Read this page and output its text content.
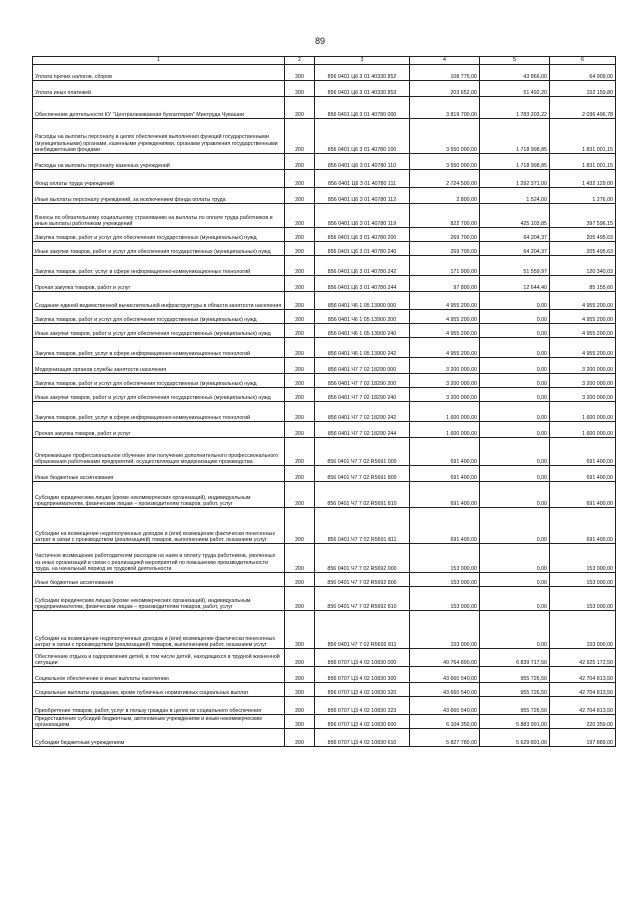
89
1	2	3	4	5	6
Уплата прочих налогов, сборов	200	856 0401 Ц6 3 01 40330 852	108 775,00	43 866,00	64 909,00
Уплата иных платежей	200	856 0401 Ц6 3 01 40330 853	203 652,00	51 492,20	152 159,80
Обеспечение деятельности КУ "Централизованная бухгалтерия" Минтруда Чувашии	200	856 0401 Ц6 3 01 40780 000	3 819 700,00	1 783 203,22	2 036 496,78
Расходы на выплаты персоналу в целях обеспечения выполнения функций государственными (муниципальными) органами, казенными учреждениями, органами управления государственными внебюджетными фондами	200	856 0401 Ц6 3 01 40780 100	3 550 000,00	1 718 998,85	1 831 001,15
Расходы на выплаты персоналу казенных учреждений	200	856 0401 Ц6 3 01 40780 110	3 550 000,00	1 718 998,85	1 831 001,15
Фонд оплаты труда учреждений	200	856 0401 Ц6 3 01 40780 111	2 724 500,00	1 292 371,00	1 432 129,00
Иные выплаты персоналу учреждений, за исключением фонда оплаты труда	200	856 0401 Ц6 3 01 40780 112	2 800,00	1 524,00	1 276,00
Взносы по обязательному социальному страхованию на выплаты по оплате труда работников и иные выплаты работникам учреждений	200	856 0401 Ц6 3 01 40780 119	822 700,00	425 103,85	397 596,15
Закупка товаров, работ и услуг для обеспечения государственных (муниципальных) нужд	200	856 0401 Ц6 3 01 40780 200	269 700,00	64 204,37	205 495,63
Иные закупки товаров, работ и услуг для обеспечения государственных (муниципальных) нужд	200	856 0401 Ц6 3 01 40780 240	269 700,00	64 204,37	205 495,63
Закупка товаров, работ, услуг в сфере информационно-коммуникационных технологий	200	856 0401 Ц6 3 01 40780 242	171 900,00	51 559,97	120 340,03
Прочая закупка товаров, работ и услуг	200	856 0401 Ц6 3 01 40780 244	97 800,00	12 644,40	85 155,60
Создание единой ведомственной вычислительной инфраструктуры в области занятости населения	200	856 0401 Ч6 1 05 13900 000	4 955 200,00	0,00	4 955 200,00
Закупка товаров, работ и услуг для обеспечения государственных (муниципальных) нужд	200	856 0401 Ч6 1 05 13900 200	4 955 200,00	0,00	4 955 200,00
Иные закупки товаров, работ и услуг для обеспечения государственных (муниципальных) нужд	200	856 0401 Ч6 1 05 13900 240	4 955 200,00	0,00	4 955 200,00
Закупка товаров, работ, услуг в сфере информационно-коммуникационных технологий	200	856 0401 Ч6 1 05 13900 242	4 955 200,00	0,00	4 955 200,00
Модернизация органов службы занятости населения	200	856 0401 Ч7 7 02 18290 000	3 200 000,00	0,00	3 200 000,00
Закупка товаров, работ и услуг для обеспечения государственных (муниципальных) нужд	200	856 0401 Ч7 7 02 18290 200	3 200 000,00	0,00	3 200 000,00
Иные закупки товаров, работ и услуг для обеспечения государственных (муниципальных) нужд	200	856 0401 Ч7 7 02 18290 240	3 200 000,00	0,00	3 200 000,00
Закупка товаров, работ, услуг в сфере информационно-коммуникационных технологий	200	856 0401 Ч7 7 02 18290 242	1 600 000,00	0,00	1 600 000,00
Прочая закупка товаров, работ и услуг	200	856 0401 Ч7 7 02 18290 244	1 600 000,00	0,00	1 600 000,00
Опережающее профессиональное обучение или получение дополнительного профессионального образования работниками предприятий, осуществляющих модернизацию производства	200	856 0401 Ч7 7 02 R5691 000	691 400,00	0,00	691 400,00
Иные бюджетные ассигнования	200	856 0401 Ч7 7 02 R5691 800	691 400,00	0,00	691 400,00
Субсидии юридическим лицам (кроме некоммерческих организаций), индивидуальным предпринимателям, физическим лицам – производителям товаров, работ, услуг	200	856 0401 Ч7 7 02 R5691 810	691 400,00	0,00	691 400,00
Субсидии на возмещение недополученных доходов и (или) возмещение фактически понесенных затрат в связи с производством (реализацией) товаров, выполнением работ, оказанием услуг	200	856 0401 Ч7 7 02 R5691 811	691 400,00	0,00	691 400,00
Частичное возмещение работодателям расходов на наем и оплату труда работников, уволенных из иных организаций в связи с реализацией мероприятий по повышению производительности труда, на начальный период их трудовой деятельности	200	856 0401 Ч7 7 02 R5692 000	153 000,00	0,00	153 000,00
Иные бюджетные ассигнования	200	856 0401 Ч7 7 02 R5692 800	153 000,00	0,00	153 000,00
Субсидии юридическим лицам (кроме некоммерческих организаций), индивидуальным предпринимателям, физическим лицам – производителям товаров, работ, услуг	200	856 0401 Ч7 7 02 R5692 810	153 000,00	0,00	153 000,00
Субсидии на возмещение недополученных доходов и (или) возмещение фактически понесенных затрат в связи с производством (реализацией) товаров, выполнением работ, оказанием услуг	200	856 0401 Ч7 7 02 R5692 811	153 000,00	0,00	153 000,00
Обеспечение отдыха и оздоровления детей, в том числе детей, находящихся в трудной жизненной ситуации	200	856 0707 Ц3 4 02 10830 000	49 764 890,00	6 839 717,50	42 925 172,50
Социальное обеспечение и иные выплаты населению	200	856 0707 Ц3 4 02 10830 300	43 660 540,00	955 726,50	42 704 813,50
Социальные выплаты гражданам, кроме публичных нормативных социальных выплат	200	856 0707 Ц3 4 02 10830 320	43 660 540,00	955 726,50	42 704 813,50
Приобретение товаров, работ, услуг в пользу граждан в целях их социального обеспечения	200	856 0707 Ц3 4 02 10830 323	43 660 540,00	955 726,50	42 704 813,50
Предоставление субсидий бюджетным, автономным учреждениям и иным некоммерческим организациям	200	856 0707 Ц3 4 02 10830 600	6 104 350,00	5 883 991,00	220 359,00
Субсидии бюджетным учреждениям	200	856 0707 Ц3 4 02 10830 610	5 827 780,00	5 629 891,00	197 889,00
